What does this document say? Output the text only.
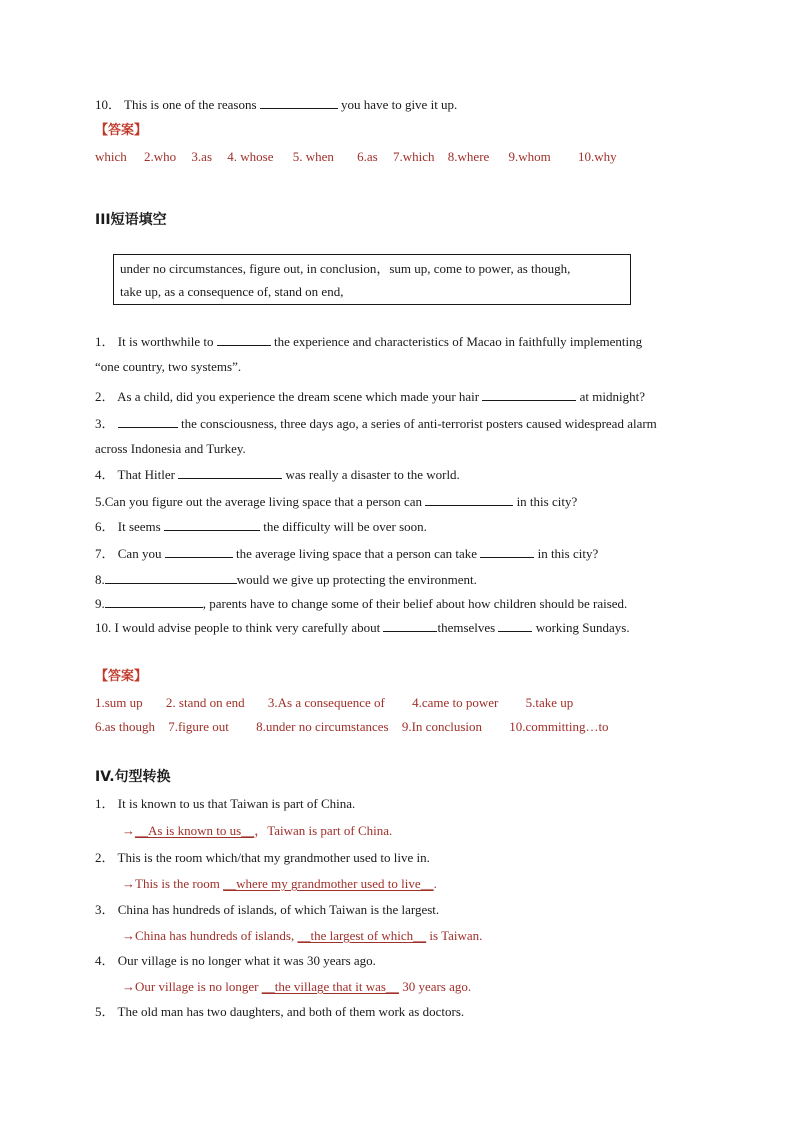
10． This is one of the reasons	you have to give it up.
【答案】
which 2.who 3.as 4. whose 5. when 6.as 7.which 8.where 9.whom 10.why
III短语填空
under no circumstances, figure out, in conclusion，sum up, come to power, as though,
take up, as a consequence of, stand on end,
1． It is worthwhile to	the experience and characteristics of Macao in faithfully implementing
“one country, two systems”.
2． As a child, did you experience the dream scene which made your hair	at midnight?
3．	the consciousness, three days ago, a series of anti-terrorist posters caused widespread alarm
across Indonesia and Turkey.
4． That Hitler	was really a disaster to the world.
5.Can you figure out the average living space that a person can	in this city?
6． It seems	the difficulty will be over soon.
7． Can you	the average living space that a person can take	in this city?
8.	would we give up protecting the environment.
9.	, parents have to change some of their belief about how children should be raised.
10. I would advise people to think very carefully about	themselves	working Sundays.
【答案】
1.sum up 2. stand on end 3.As a consequence of 4.came to power 5.take up
6.as though 7.figure out 8.under no circumstances 9.In conclusion 10.committing…to
IV.句型转换
1． It is known to us that Taiwan is part of China.
→__As is known to us__，Taiwan is part of China.
2． This is the room which/that my grandmother used to live in.
→This is the room __where my grandmother used to live__.
3． China has hundreds of islands, of which Taiwan is the largest.
→China has hundreds of islands, __the largest of which__ is Taiwan.
4． Our village is no longer what it was 30 years ago.
→Our village is no longer __the village that it was__ 30 years ago.
5． The old man has two daughters, and both of them work as doctors.
